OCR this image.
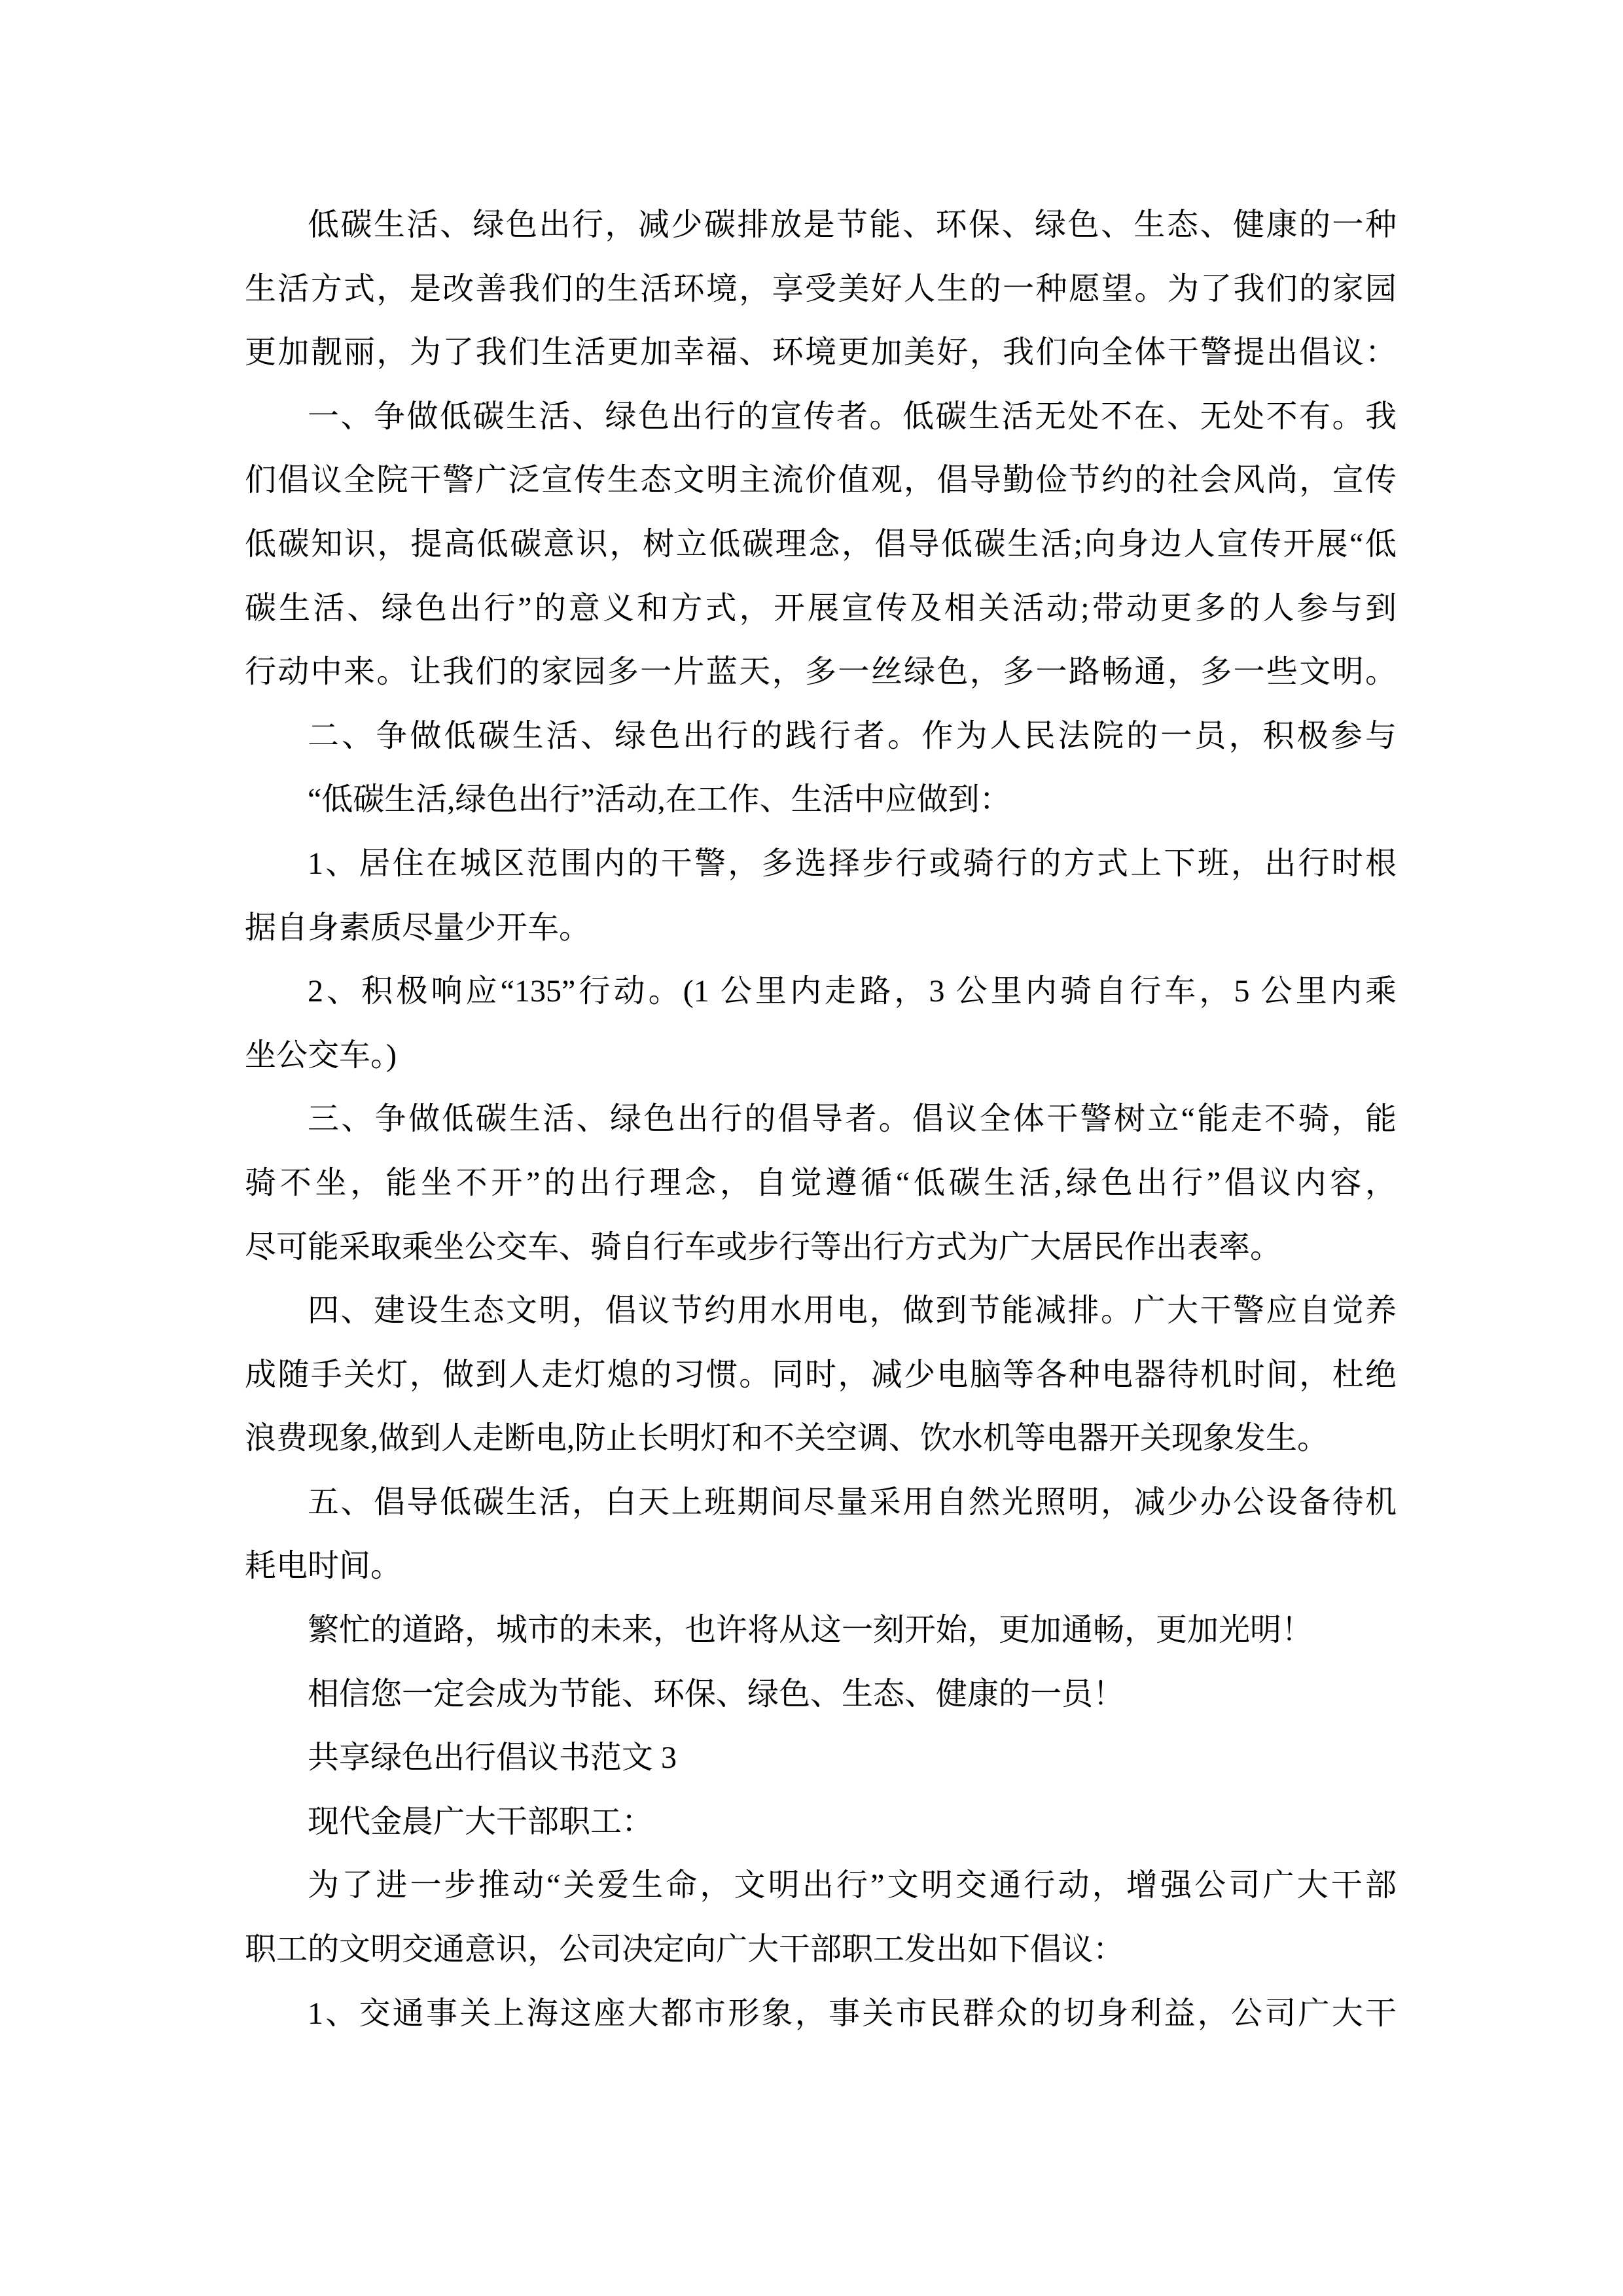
低碳生活、绿色出行，减少碳排放是节能、环保、绿色、生态、健康的一种
生活方式，是改善我们的生活环境，享受美好人生的一种愿望。为了我们的家园
更加靓丽，为了我们生活更加幸福、环境更加美好，我们向全体干警提出倡议：
一、争做低碳生活、绿色出行的宣传者。低碳生活无处不在、无处不有。我
们倡议全院干警广泛宣传生态文明主流价值观，倡导勤俭节约的社会风尚，宣传
低碳知识，提高低碳意识，树立低碳理念，倡导低碳生活;向身边人宣传开展“低
碳生活、绿色出行”的意义和方式，开展宣传及相关活动;带动更多的人参与到
行动中来。让我们的家园多一片蓝天，多一丝绿色，多一路畅通，多一些文明。
二、争做低碳生活、绿色出行的践行者。作为人民法院的一员，积极参与
“低碳生活,绿色出行”活动,在工作、生活中应做到：
1、居住在城区范围内的干警，多选择步行或骑行的方式上下班，出行时根
据自身素质尽量少开车。
2、积极响应“135”行动。(1 公里内走路，3 公里内骑自行车，5 公里内乘
坐公交车。)
三、争做低碳生活、绿色出行的倡导者。倡议全体干警树立“能走不骑，能
骑不坐，能坐不开”的出行理念，自觉遵循“低碳生活,绿色出行”倡议内容，
尽可能采取乘坐公交车、骑自行车或步行等出行方式为广大居民作出表率。
四、建设生态文明，倡议节约用水用电，做到节能减排。广大干警应自觉养
成随手关灯，做到人走灯熄的习惯。同时，减少电脑等各种电器待机时间，杜绝
浪费现象,做到人走断电,防止长明灯和不关空调、饮水机等电器开关现象发生。
五、倡导低碳生活，白天上班期间尽量采用自然光照明，减少办公设备待机
耗电时间。
繁忙的道路，城市的未来，也许将从这一刻开始，更加通畅，更加光明！
相信您一定会成为节能、环保、绿色、生态、健康的一员！
共享绿色出行倡议书范文 3
现代金晨广大干部职工：
为了进一步推动“关爱生命，文明出行”文明交通行动，增强公司广大干部
职工的文明交通意识，公司决定向广大干部职工发出如下倡议：
1、交通事关上海这座大都市形象，事关市民群众的切身利益，公司广大干
